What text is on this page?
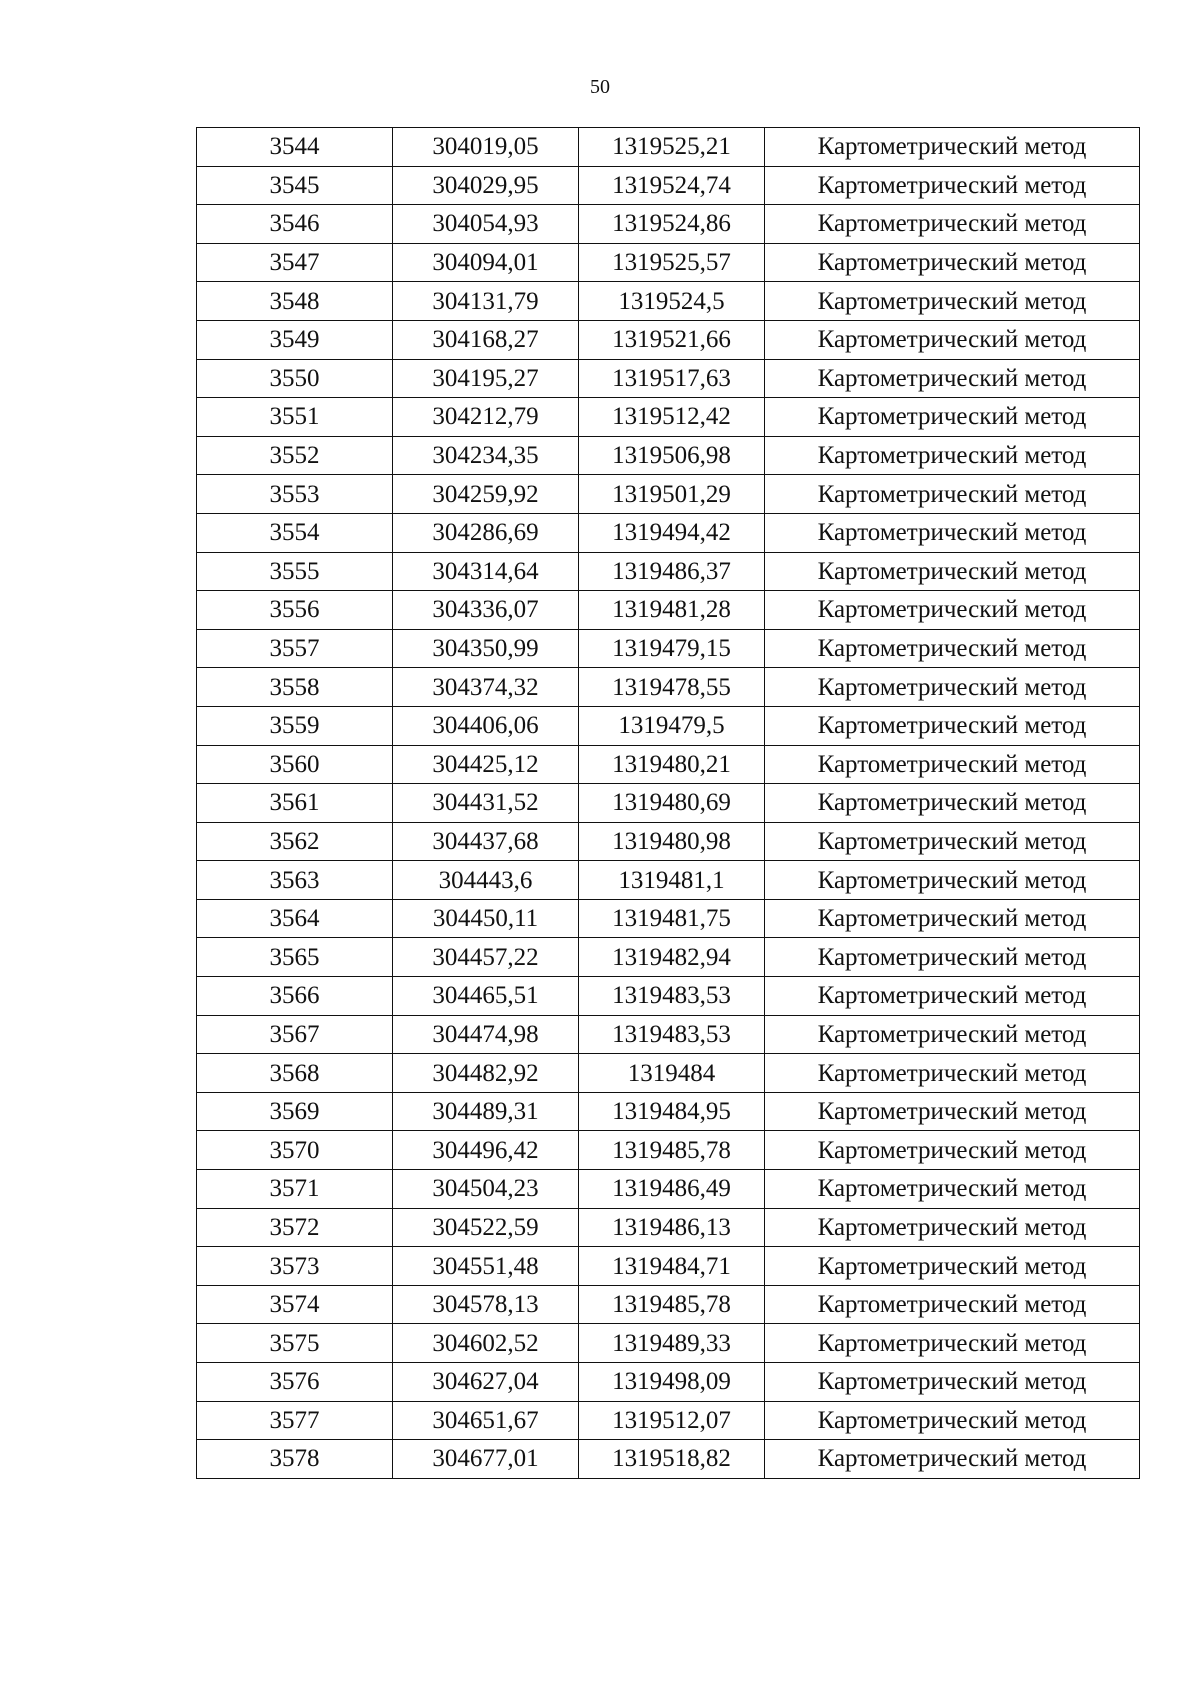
50
3544	304019,05	1319525,21	Картометрический метод
3545	304029,95	1319524,74	Картометрический метод
3546	304054,93	1319524,86	Картометрический метод
3547	304094,01	1319525,57	Картометрический метод
3548	304131,79	1319524,5	Картометрический метод
3549	304168,27	1319521,66	Картометрический метод
3550	304195,27	1319517,63	Картометрический метод
3551	304212,79	1319512,42	Картометрический метод
3552	304234,35	1319506,98	Картометрический метод
3553	304259,92	1319501,29	Картометрический метод
3554	304286,69	1319494,42	Картометрический метод
3555	304314,64	1319486,37	Картометрический метод
3556	304336,07	1319481,28	Картометрический метод
3557	304350,99	1319479,15	Картометрический метод
3558	304374,32	1319478,55	Картометрический метод
3559	304406,06	1319479,5	Картометрический метод
3560	304425,12	1319480,21	Картометрический метод
3561	304431,52	1319480,69	Картометрический метод
3562	304437,68	1319480,98	Картометрический метод
3563	304443,6	1319481,1	Картометрический метод
3564	304450,11	1319481,75	Картометрический метод
3565	304457,22	1319482,94	Картометрический метод
3566	304465,51	1319483,53	Картометрический метод
3567	304474,98	1319483,53	Картометрический метод
3568	304482,92	1319484	Картометрический метод
3569	304489,31	1319484,95	Картометрический метод
3570	304496,42	1319485,78	Картометрический метод
3571	304504,23	1319486,49	Картометрический метод
3572	304522,59	1319486,13	Картометрический метод
3573	304551,48	1319484,71	Картометрический метод
3574	304578,13	1319485,78	Картометрический метод
3575	304602,52	1319489,33	Картометрический метод
3576	304627,04	1319498,09	Картометрический метод
3577	304651,67	1319512,07	Картометрический метод
3578	304677,01	1319518,82	Картометрический метод
